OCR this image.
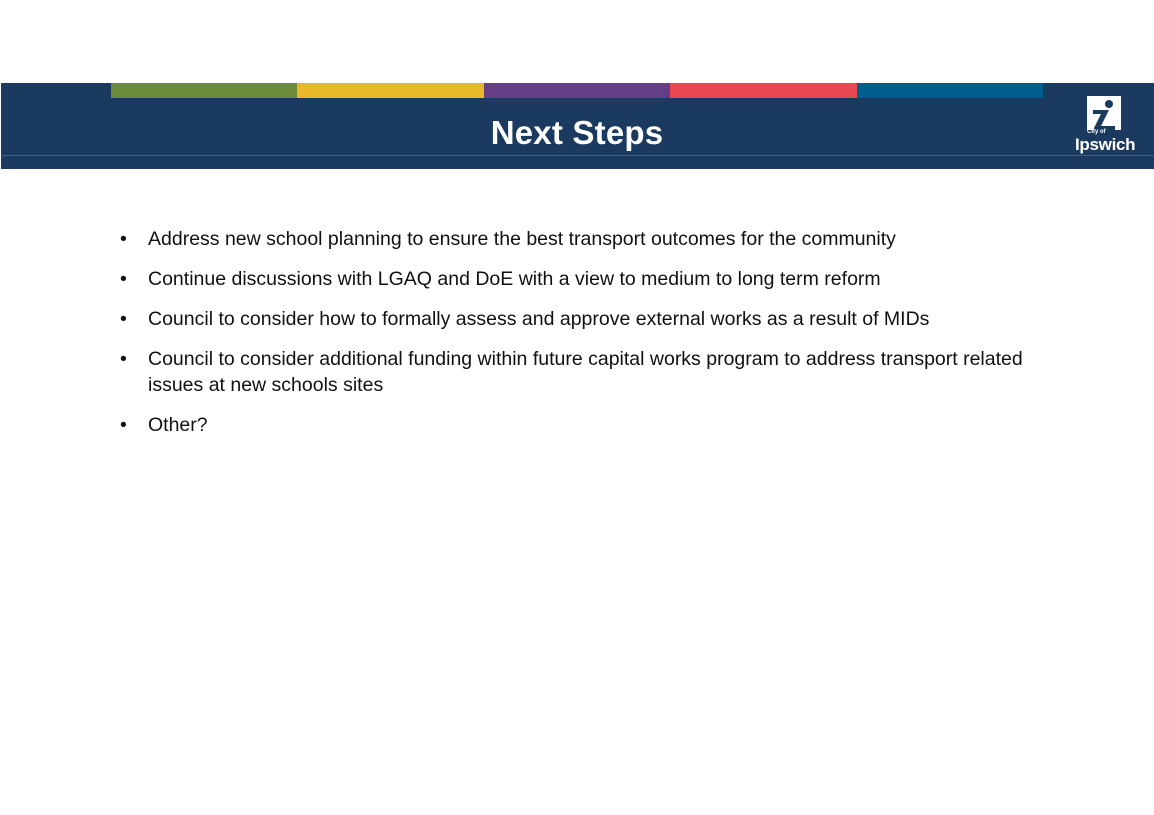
Next Steps	City of
Ipswich
• Address new school planning to ensure the best transport outcomes for the community
• Continue discussions with LGAQ and DoE with a view to medium to long term reform
• Council to consider how to formally assess and approve external works as a result of MIDs
• Council to consider additional funding within future capital works program to address transport related issues at new schools sites
• Other?
